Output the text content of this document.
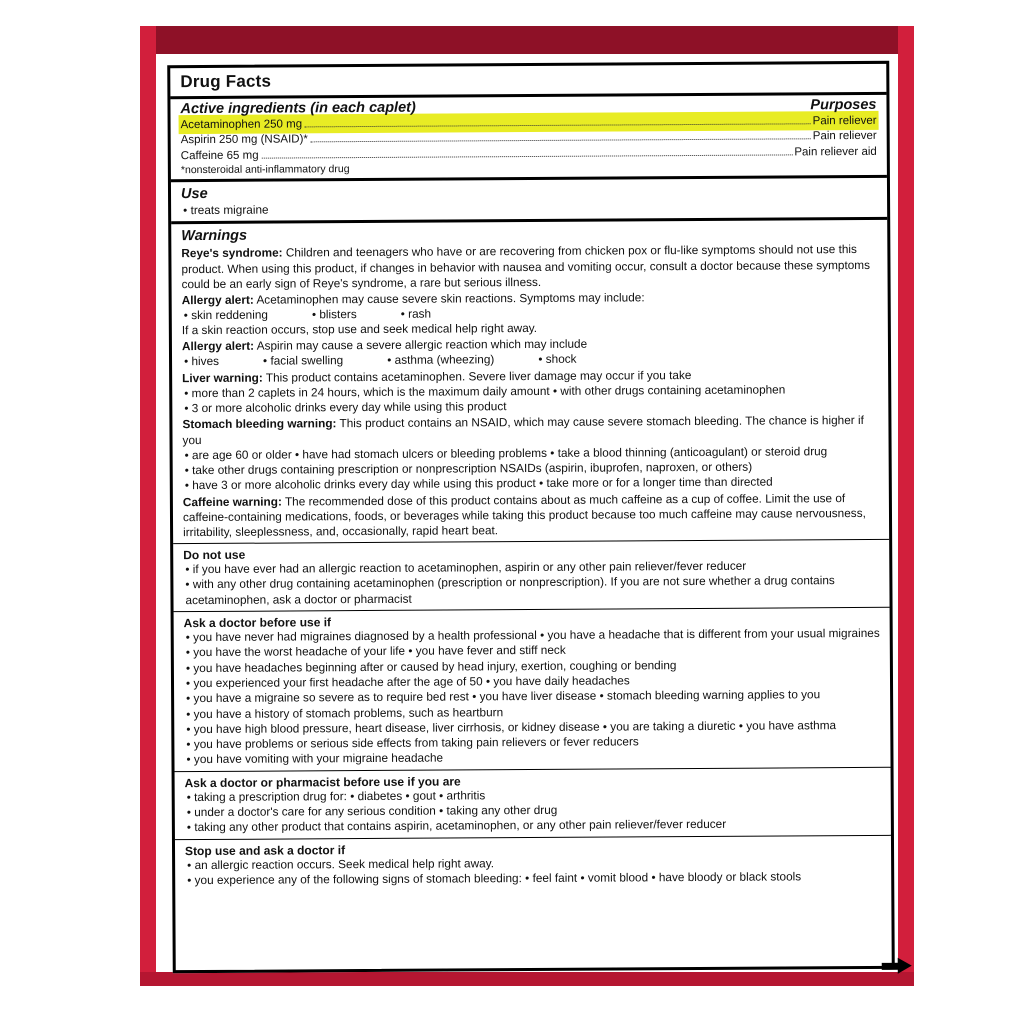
Drug Facts
Active ingredients (in each caplet)	Purposes
Acetaminophen 250 mg	Pain reliever
Aspirin 250 mg (NSAID)*	Pain reliever
Caffeine 65 mg	Pain reliever aid
*nonsteroidal anti-inflammatory drug
Use
• treats migraine
Warnings
Reye's syndrome: Children and teenagers who have or are recovering from chicken pox or flu-like symptoms should not use this product. When using this product, if changes in behavior with nausea and vomiting occur, consult a doctor because these symptoms could be an early sign of Reye's syndrome, a rare but serious illness.
Allergy alert: Acetaminophen may cause severe skin reactions. Symptoms may include:
• skin reddening	• blisters	• rash
If a skin reaction occurs, stop use and seek medical help right away.
Allergy alert: Aspirin may cause a severe allergic reaction which may include
• hives	• facial swelling	• asthma (wheezing)	• shock
Liver warning: This product contains acetaminophen. Severe liver damage may occur if you take
• more than 2 caplets in 24 hours, which is the maximum daily amount • with other drugs containing acetaminophen
• 3 or more alcoholic drinks every day while using this product
Stomach bleeding warning: This product contains an NSAID, which may cause severe stomach bleeding. The chance is higher if you
• are age 60 or older • have had stomach ulcers or bleeding problems • take a blood thinning (anticoagulant) or steroid drug
• take other drugs containing prescription or nonprescription NSAIDs (aspirin, ibuprofen, naproxen, or others)
• have 3 or more alcoholic drinks every day while using this product • take more or for a longer time than directed
Caffeine warning: The recommended dose of this product contains about as much caffeine as a cup of coffee. Limit the use of caffeine-containing medications, foods, or beverages while taking this product because too much caffeine may cause nervousness, irritability, sleeplessness, and, occasionally, rapid heart beat.
Do not use
• if you have ever had an allergic reaction to acetaminophen, aspirin or any other pain reliever/fever reducer
• with any other drug containing acetaminophen (prescription or nonprescription). If you are not sure whether a drug contains acetaminophen, ask a doctor or pharmacist
Ask a doctor before use if
• you have never had migraines diagnosed by a health professional • you have a headache that is different from your usual migraines
• you have the worst headache of your life • you have fever and stiff neck
• you have headaches beginning after or caused by head injury, exertion, coughing or bending
• you experienced your first headache after the age of 50 • you have daily headaches
• you have a migraine so severe as to require bed rest • you have liver disease • stomach bleeding warning applies to you
• you have a history of stomach problems, such as heartburn
• you have high blood pressure, heart disease, liver cirrhosis, or kidney disease • you are taking a diuretic • you have asthma
• you have problems or serious side effects from taking pain relievers or fever reducers
• you have vomiting with your migraine headache
Ask a doctor or pharmacist before use if you are
• taking a prescription drug for: • diabetes • gout • arthritis
• under a doctor's care for any serious condition • taking any other drug
• taking any other product that contains aspirin, acetaminophen, or any other pain reliever/fever reducer
Stop use and ask a doctor if
• an allergic reaction occurs. Seek medical help right away.
• you experience any of the following signs of stomach bleeding: • feel faint • vomit blood • have bloody or black stools
